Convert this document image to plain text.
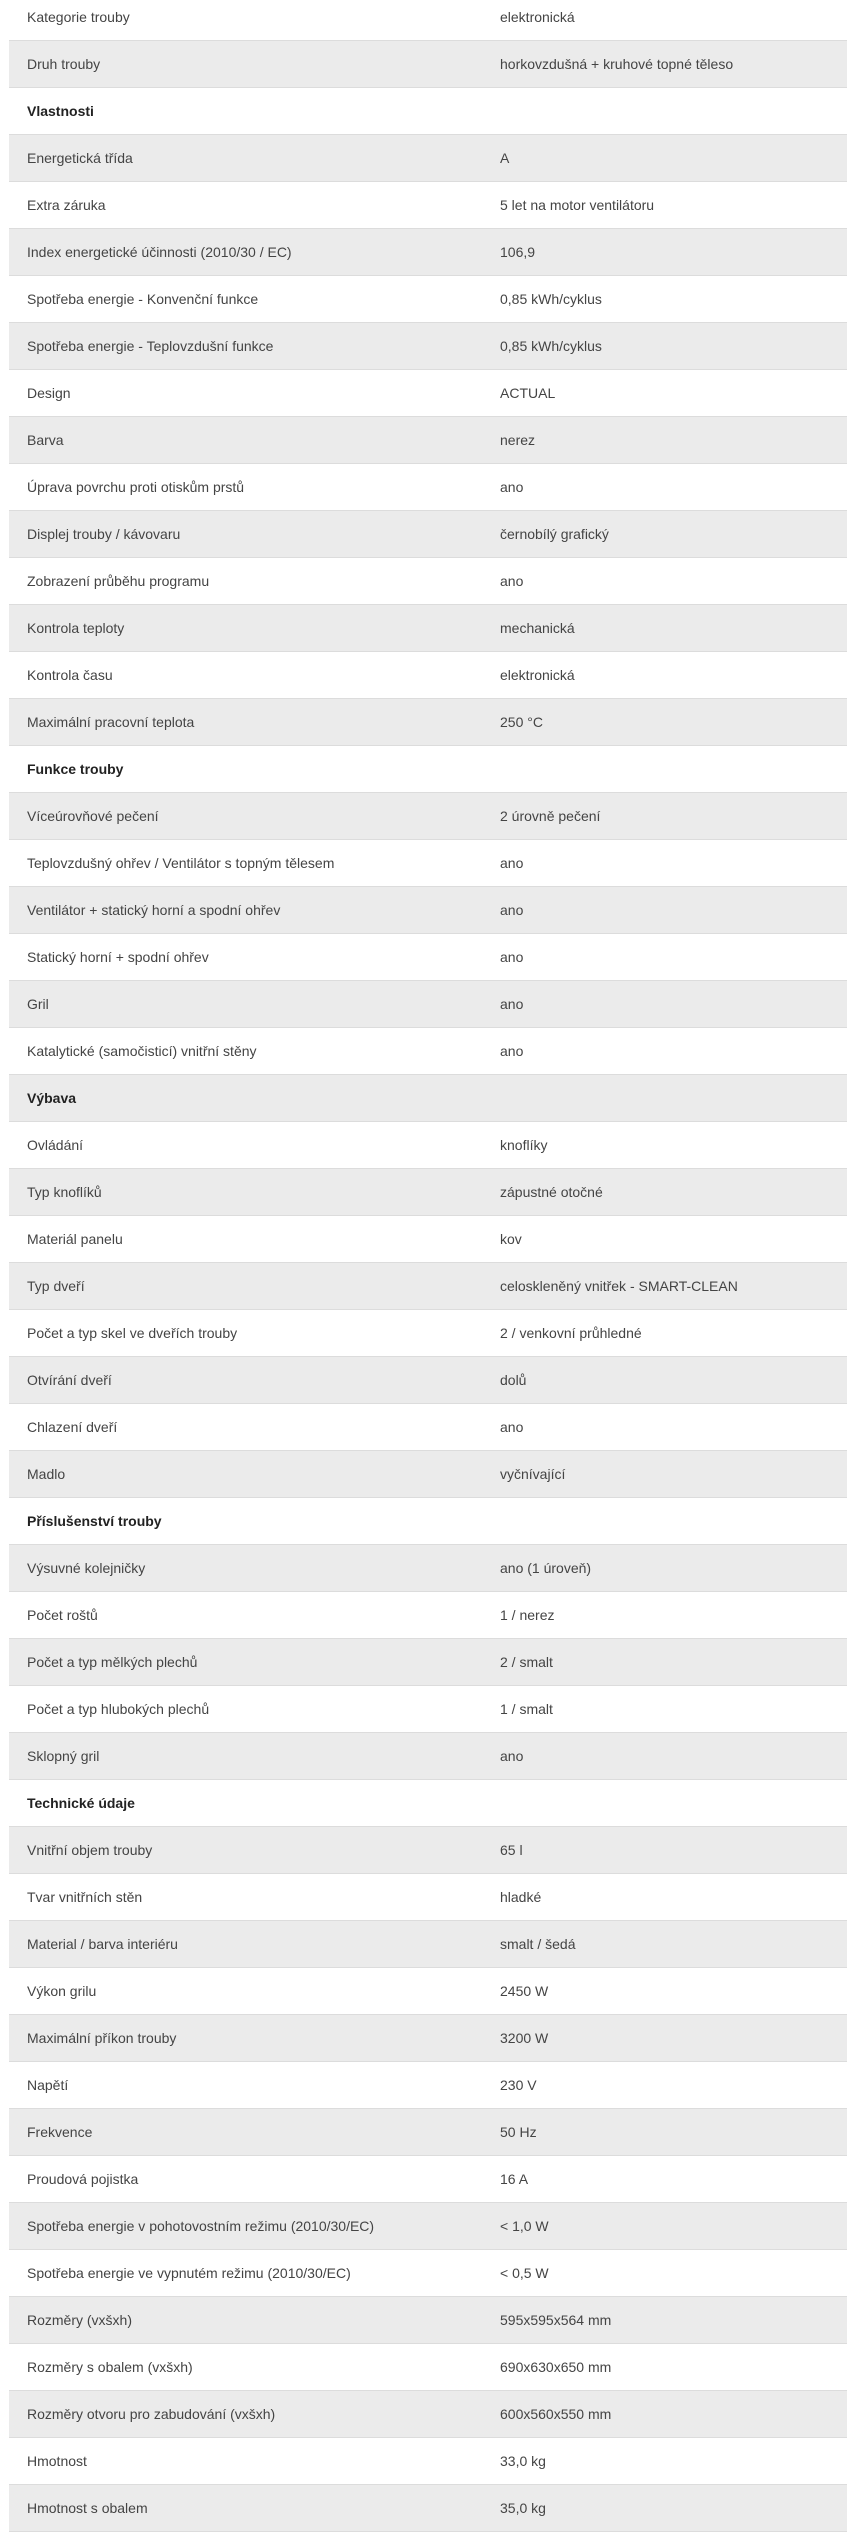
Kategorie trouby	elektronická
Druh trouby	horkovzdušná + kruhové topné těleso
Vlastnosti
Energetická třída	A
Extra záruka	5 let na motor ventilátoru
Index energetické účinnosti (2010/30 / EC)	106,9
Spotřeba energie - Konvenční funkce	0,85 kWh/cyklus
Spotřeba energie - Teplovzdušní funkce	0,85 kWh/cyklus
Design	ACTUAL
Barva	nerez
Úprava povrchu proti otiskům prstů	ano
Displej trouby / kávovaru	černobílý grafický
Zobrazení průběhu programu	ano
Kontrola teploty	mechanická
Kontrola času	elektronická
Maximální pracovní teplota	250 °C
Funkce trouby
Víceúrovňové pečení	2 úrovně pečení
Teplovzdušný ohřev / Ventilátor s topným tělesem	ano
Ventilátor + statický horní a spodní ohřev	ano
Statický horní + spodní ohřev	ano
Gril	ano
Katalytické (samočisticí) vnitřní stěny	ano
Výbava
Ovládání	knoflíky
Typ knoflíků	zápustné otočné
Materiál panelu	kov
Typ dveří	celoskleněný vnitřek - SMART-CLEAN
Počet a typ skel ve dveřích trouby	2 / venkovní průhledné
Otvírání dveří	dolů
Chlazení dveří	ano
Madlo	vyčnívající
Příslušenství trouby
Výsuvné kolejničky	ano (1 úroveň)
Počet roštů	1 / nerez
Počet a typ mělkých plechů	2 / smalt
Počet a typ hlubokých plechů	1 / smalt
Sklopný gril	ano
Technické údaje
Vnitřní objem trouby	65 l
Tvar vnitřních stěn	hladké
Material / barva interiéru	smalt / šedá
Výkon grilu	2450 W
Maximální příkon trouby	3200 W
Napětí	230 V
Frekvence	50 Hz
Proudová pojistka	16 A
Spotřeba energie v pohotovostním režimu (2010/30/EC)	< 1,0 W
Spotřeba energie ve vypnutém režimu (2010/30/EC)	< 0,5 W
Rozměry (vxšxh)	595x595x564 mm
Rozměry s obalem (vxšxh)	690x630x650 mm
Rozměry otvoru pro zabudování (vxšxh)	600x560x550 mm
Hmotnost	33,0 kg
Hmotnost s obalem	35,0 kg
